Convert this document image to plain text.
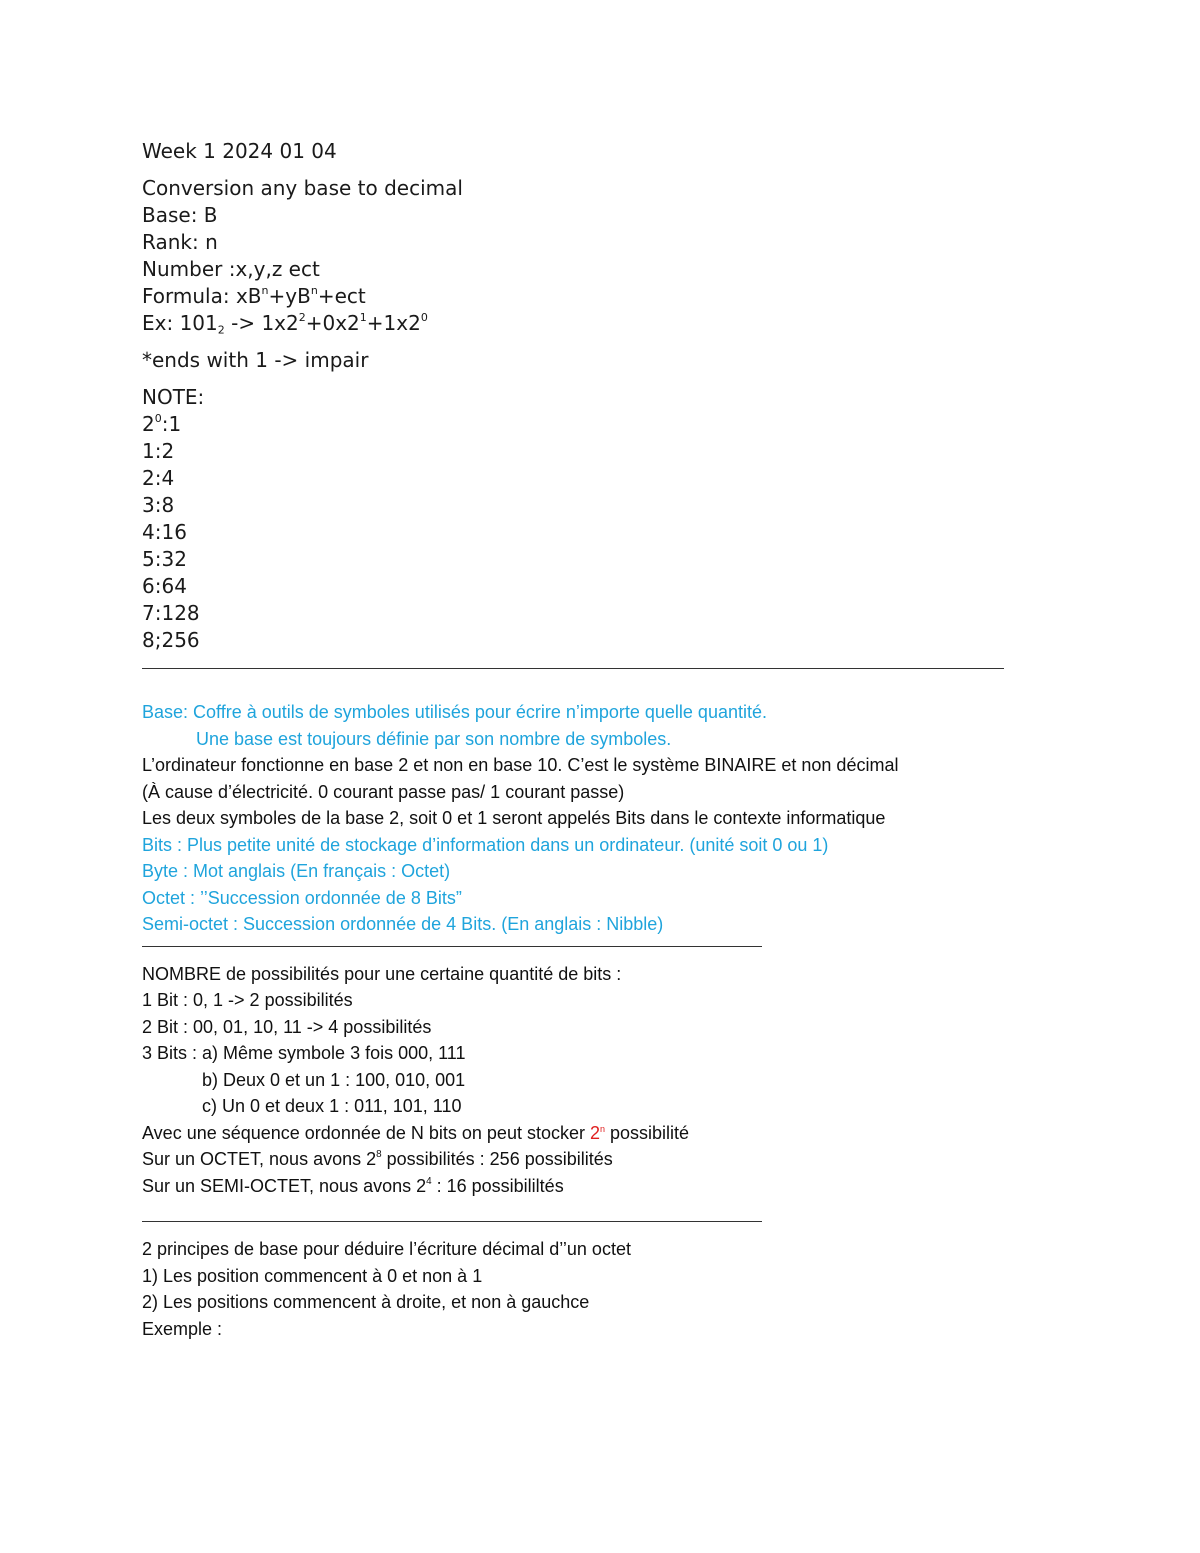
Week 1 2024 01 04
Conversion any base to decimal
Base: B
Rank: n
Number :x,y,z ect
Formula: $xB^n+yB^n+ect$
Ex: $101_2 -> 1x2^2+0x2^1+1x2^0$
*ends with 1 -> impair
NOTE:
$2^0:1$
1:2
2:4
3:8
4:16
5:32
6:64
7:128
8;256
Base: Coffre à outils de symboles utilisés pour écrire n’importe quelle quantité.
Une base est toujours définie par son nombre de symboles.
L’ordinateur fonctionne en base 2 et non en base 10. C’est le système BINAIRE et non décimal
(À cause d’électricité. 0 courant passe pas/ 1 courant passe)
Les deux symboles de la base 2, soit 0 et 1 seront appelés Bits dans le contexte informatique
Bits : Plus petite unité de stockage d’information dans un ordinateur. (unité soit 0 ou 1)
Byte : Mot anglais (En français : Octet)
Octet : ’’Succession ordonnée de 8 Bits”
Semi-octet : Succession ordonnée de 4 Bits. (En anglais : Nibble)
NOMBRE de possibilités pour une certaine quantité de bits :
1 Bit : 0, 1 -> 2 possibilités
2 Bit : 00, 01, 10, 11 -> 4 possibilités
3 Bits : a) Même symbole 3 fois 000, 111
b) Deux 0 et un 1 : 100, 010, 001
c) Un 0 et deux 1 : 011, 101, 110
Avec une séquence ordonnée de N bits on peut stocker 2$^n$ possibilité
Sur un OCTET, nous avons $2^8$ possibilités : 256 possibilités
Sur un SEMI-OCTET, nous avons $2^4$ : 16 possibililtés
2 principes de base pour déduire l’écriture décimal d’’un octet
1) Les position commencent à 0 et non à 1
2) Les positions commencent à droite, et non à gauchce
Exemple :
